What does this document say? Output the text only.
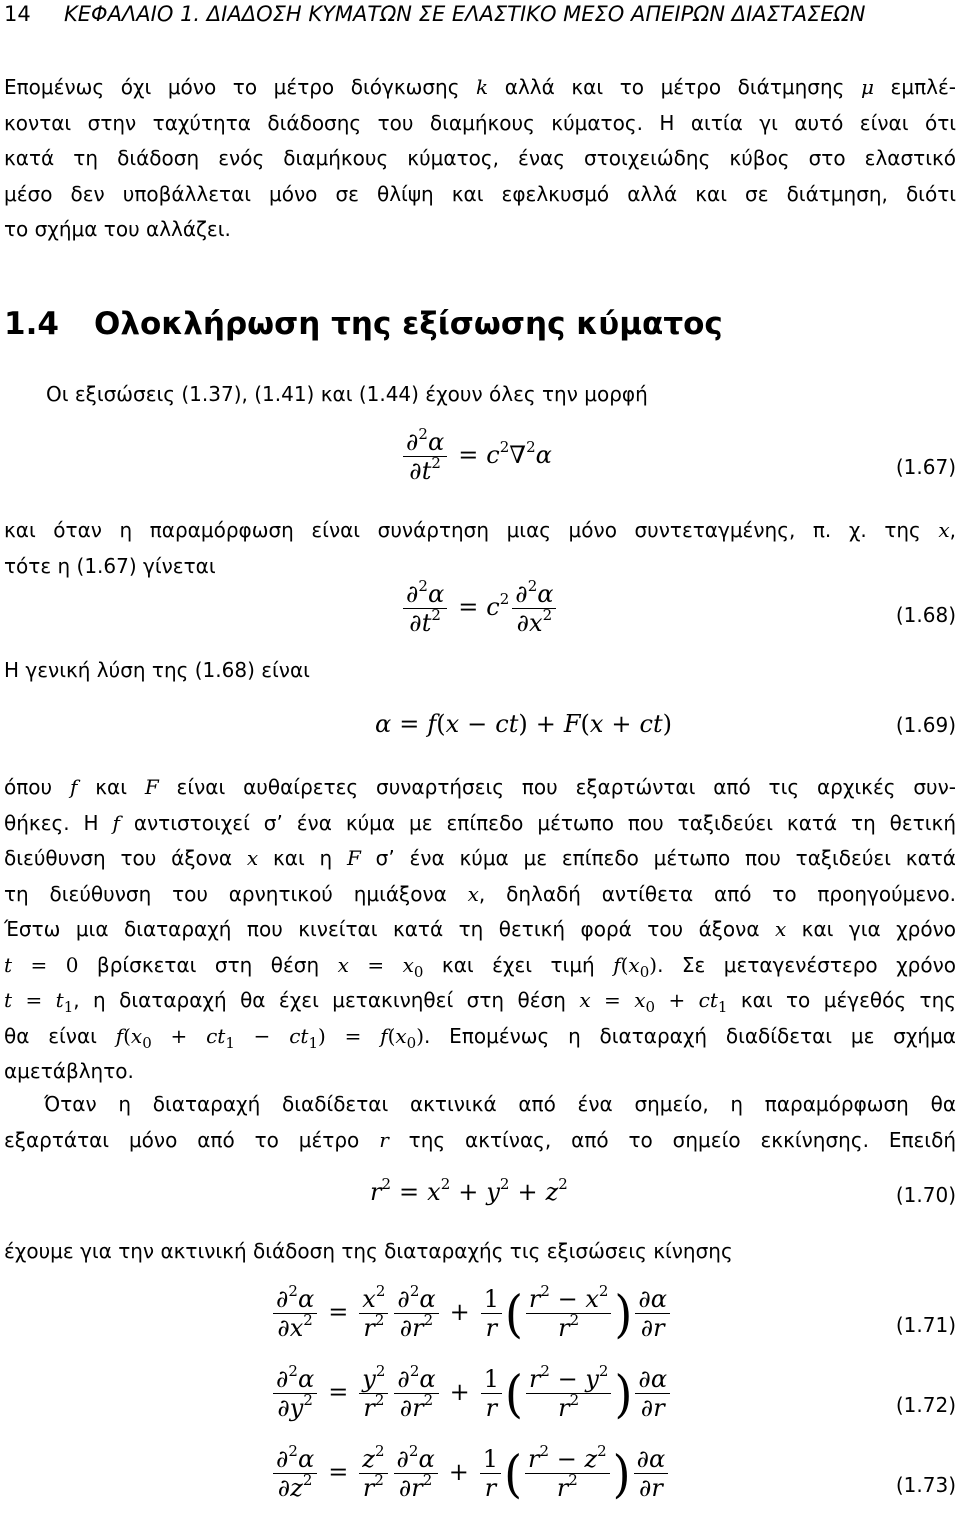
14 ΚΕΦΑΛΑΙΟ 1. ΔΙΑΔΟΣΗ ΚΥΜΑΤΩΝ ΣΕ ΕΛΑΣΤΙΚΟ ΜΕΣΟ ΑΠΕΙΡΩΝ ΔΙΑΣΤΑΣΕΩΝ
Επομένως όχι μόνο το μέτρο διόγκωσης k αλλά και το μέτρο διάτμησης μ εμπλέ-
κονται στην ταχύτητα διάδοσης του διαμήκους κύματος. Η αιτία γι αυτό είναι ότι
κατά τη διάδοση ενός διαμήκους κύματος, ένας στοιχειώδης κύβος στο ελαστικό
μέσο δεν υποβάλλεται μόνο σε θλίψη και εφελκυσμό αλλά και σε διάτμηση, διότι
το σχήμα του αλλάζει.
1.4 Ολοκλήρωση της εξίσωσης κύματος
Οι εξισώσεις (1.37), (1.41) και (1.44) έχουν όλες την μορφή
$\frac{\partial^2\alpha}{\partial t^2} = c^2\nabla^2\alpha$	(1.67)
και όταν η παραμόρφωση είναι συνάρτηση μιας μόνο συντεταγμένης, π. χ. της x,
τότε η (1.67) γίνεται
$\frac{\partial^2\alpha}{\partial t^2} = c^2 \frac{\partial^2\alpha}{\partial x^2}$	(1.68)
Η γενική λύση της (1.68) είναι
α = f(x − ct) + F(x + ct)	(1.69)
όπου f και F είναι αυθαίρετες συναρτήσεις που εξαρτώνται από τις αρχικές συν-
θήκες. Η f αντιστοιχεί σ’ ένα κύμα με επίπεδο μέτωπο που ταξιδεύει κατά τη θετική
διεύθυνση του άξονα x και η F σ’ ένα κύμα με επίπεδο μέτωπο που ταξιδεύει κατά
τη διεύθυνση του αρνητικού ημιάξονα x, δηλαδή αντίθετα από το προηγούμενο.
Έστω μια διαταραχή που κινείται κατά τη θετική φορά του άξονα x και για χρόνο
t = 0 βρίσκεται στη θέση $x = x_0$ και έχει τιμή $f(x_0)$. Σε μεταγενέστερο χρόνο
$t = t_1$, η διαταραχή θα έχει μετακινηθεί στη θέση $x = x_0 + ct_1$ και το μέγεθός της
θα είναι $f(x_0 + ct_1 - ct_1) = f(x_0)$. Επομένως η διαταραχή διαδίδεται με σχήμα
αμετάβλητο.
Όταν η διαταραχή διαδίδεται ακτινικά από ένα σημείο, η παραμόρφωση θα
εξαρτάται μόνο από το μέτρο r της ακτίνας, από το σημείο εκκίνησης. Επειδή
$r^2 = x^2 + y^2 + z^2$	(1.70)
έχουμε για την ακτινική διάδοση της διαταραχής τις εξισώσεις κίνησης
$\frac{\partial^2\alpha}{\partial x^2} = \frac{x^2}{r^2} \frac{\partial^2\alpha}{\partial r^2} + \frac{1}{r}$ ( $\frac{r^2 - x^2}{r^2}$ ) $\frac{\partial\alpha}{\partial r}$	(1.71)
$\frac{\partial^2\alpha}{\partial y^2} = \frac{y^2}{r^2} \frac{\partial^2\alpha}{\partial r^2} + \frac{1}{r}$ ( $\frac{r^2 - y^2}{r^2}$ ) $\frac{\partial\alpha}{\partial r}$	(1.72)
$\frac{\partial^2\alpha}{\partial z^2} = \frac{z^2}{r^2} \frac{\partial^2\alpha}{\partial r^2} + \frac{1}{r}$ ( $\frac{r^2 - z^2}{r^2}$ ) $\frac{\partial\alpha}{\partial r}$	(1.73)
